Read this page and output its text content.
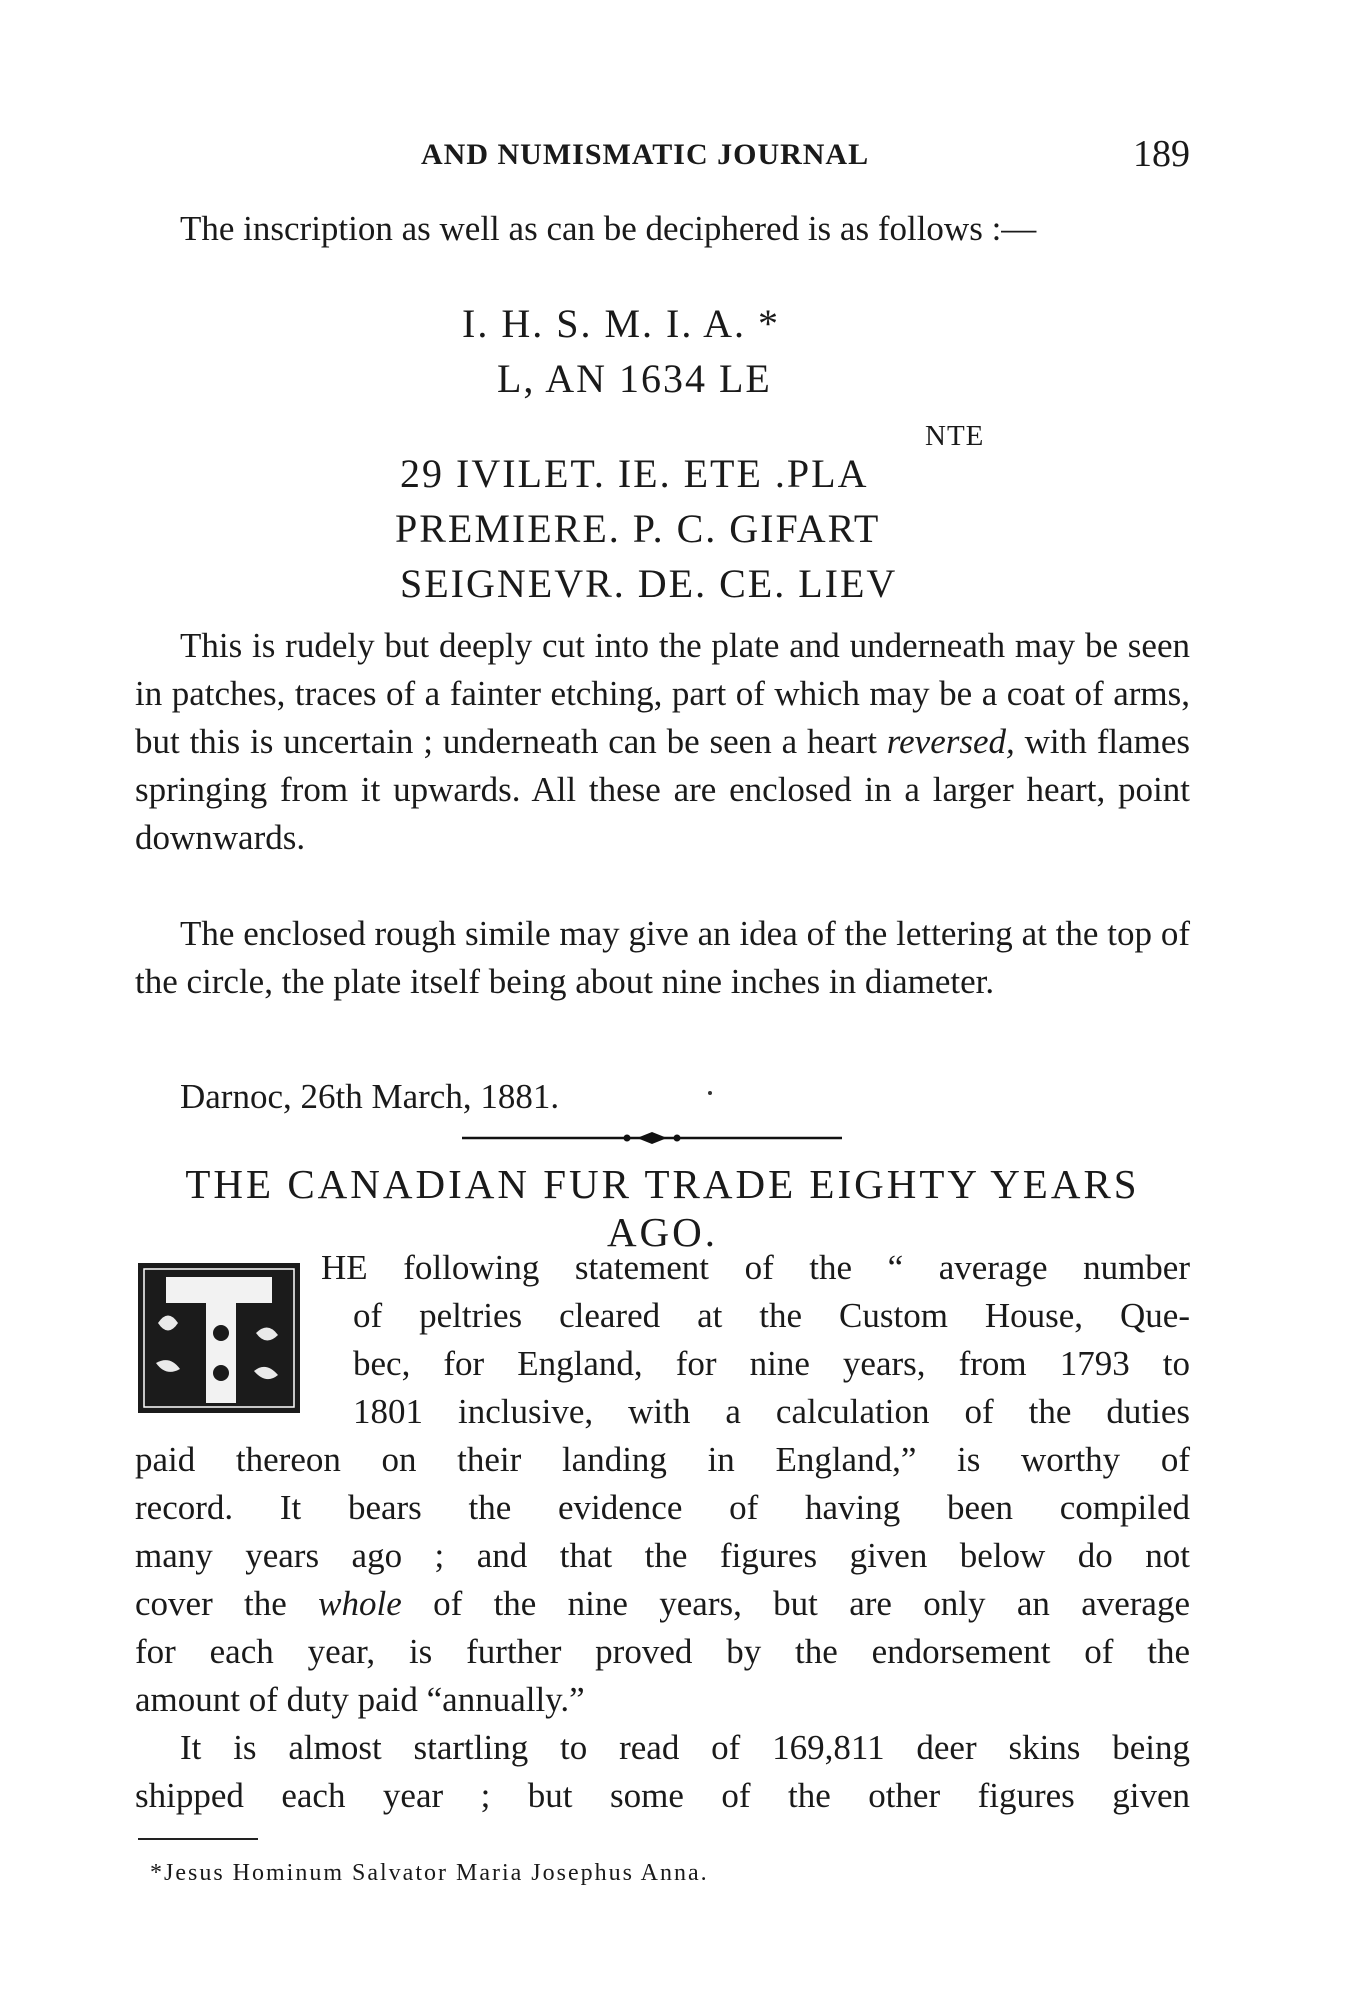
AND NUMISMATIC JOURNAL	189
The inscription as well as can be deciphered is as follows :—
I. H. S. M. I. A. *
L, AN 1634 LE
NTE
29 IVILET. IE. ETE .PLA
PREMIERE. P. C. GIFART
SEIGNEVR. DE. CE. LIEV
This is rudely but deeply cut into the plate and underneath may be seen in patches, traces of a fainter etching, part of which may be a coat of arms, but this is uncertain ; underneath can be seen a heart reversed, with flames springing from it upwards. All these are enclosed in a larger heart, point downwards.
The enclosed rough simile may give an idea of the lettering at the top of the circle, the plate itself being about nine inches in diameter.
Darnoc, 26th March, 1881.
THE CANADIAN FUR TRADE EIGHTY YEARS
AGO.
T	HE following statement of the “ average number
of peltries cleared at the Custom House, Que-
bec, for England, for nine years, from 1793 to
1801 inclusive, with a calculation of the duties
paid thereon on their landing in England,” is worthy of
record. It bears the evidence of having been compiled
many years ago ; and that the figures given below do not
cover the whole of the nine years, but are only an average
for each year, is further proved by the endorsement of the
amount of duty paid “annually.”
It is almost startling to read of 169,811 deer skins being
shipped each year ; but some of the other figures given
*Jesus Hominum Salvator Maria Josephus Anna.
